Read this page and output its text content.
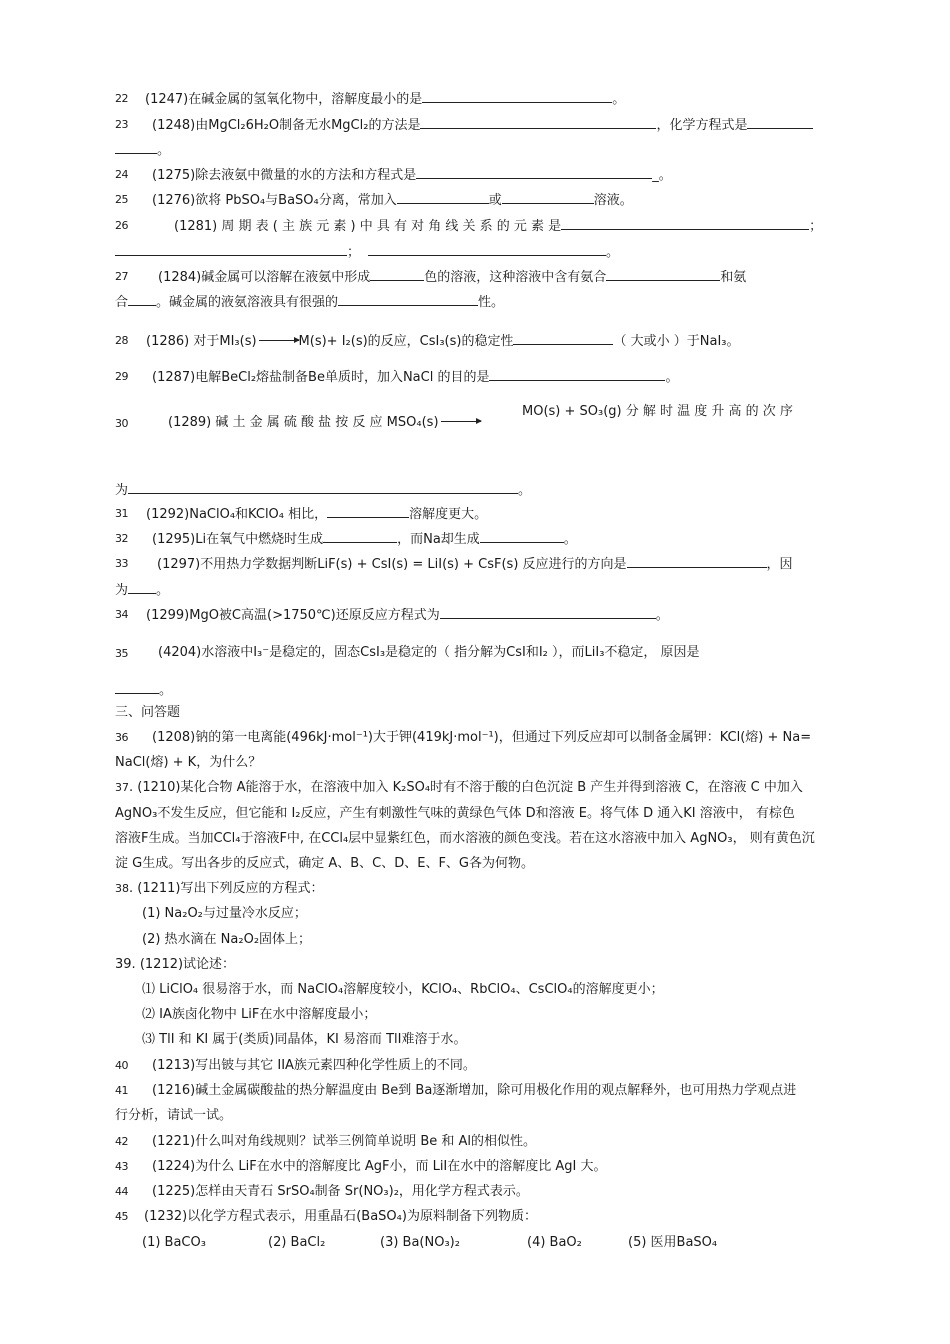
22 (1247)在碱金属的氢氧化物中，溶解度最小的是	。
23 (1248)由MgCl₂6H₂O制备无水MgCl₂的方法是	，化学方程式是
。
24 (1275)除去液氨中微量的水的方法和方程式是	_。
25 (1276)欲将 PbSO₄与BaSO₄分离，常加入	或	溶液。
26	(1281) 周 期 表 ( 主 族 元 素 ) 中 具 有 对 角 线 关 系 的 元 素 是	；
；	。
27 (1284)碱金属可以溶解在液氨中形成	色的溶液，这种溶液中含有氨合	和氨
合 。碱金属的液氨溶液具有很强的	性。
28 (1286) 对于MI₃(s) →M(s)+ I₂(s)的反应，CsI₃(s)的稳定性	（ 大或小 ）于NaI₃。
29 (1287)电解BeCl₂熔盐制备Be单质时，加入NaCl 的目的是	。
MO(s) + SO₃(g) 分 解 时 温 度 升 高 的 次 序
30	(1289) 碱 土 金 属 硫 酸 盐 按 反 应 MSO₄(s) →
为	。
31 (1292)NaClO₄和KClO₄ 相比，	溶解度更大。
32 (1295)Li在氧气中燃烧时生成	，而Na却生成	。
33 (1297)不用热力学数据判断LiF(s) + CsI(s) = LiI(s) + CsF(s) 反应进行的方向是	，因
为 。
34 (1299)MgO被C高温(>1750℃)还原反应方程式为	。
35 (4204)水溶液中I₃⁻是稳定的，固态CsI₃是稳定的（ 指分解为CsI和I₂ ），而LiI₃不稳定， 原因是
。
三、问答题
36 (1208)钠的第一电离能(496kJ·mol⁻¹)大于钾(419kJ·mol⁻¹)，但通过下列反应却可以制备金属钾：KCl(熔) + Na=
NaCl(熔) + K，为什么？
37. (1210)某化合物 A能溶于水，在溶液中加入 K₂SO₄时有不溶于酸的白色沉淀 B 产生并得到溶液 C，在溶液 C 中加入
AgNO₃不发生反应，但它能和 I₂反应，产生有刺激性气味的黄绿色气体 D和溶液 E。将气体 D 通入KI 溶液中， 有棕色
溶液F生成。当加CCl₄于溶液F中, 在CCl₄层中显紫红色，而水溶液的颜色变浅。若在这水溶液中加入 AgNO₃， 则有黄色沉
淀 G生成。写出各步的反应式，确定 A、B、C、D、E、F、G各为何物。
38. (1211)写出下列反应的方程式：
(1) Na₂O₂与过量冷水反应；
(2) 热水滴在 Na₂O₂固体上；
39. (1212)试论述：
⑴ LiClO₄ 很易溶于水，而 NaClO₄溶解度较小，KClO₄、RbClO₄、CsClO₄的溶解度更小；
⑵ IA族卤化物中 LiF在水中溶解度最小；
⑶ TlI 和 KI 属于(类质)同晶体，KI 易溶而 TlI难溶于水。
40 (1213)写出铍与其它 IIA族元素四种化学性质上的不同。
41 (1216)碱土金属碳酸盐的热分解温度由 Be到 Ba逐渐增加，除可用极化作用的观点解释外，也可用热力学观点进
行分析，请试一试。
42 (1221)什么叫对角线规则？试举三例简单说明 Be 和 Al的相似性。
43 (1224)为什么 LiF在水中的溶解度比 AgF小，而 LiI在水中的溶解度比 AgI 大。
44 (1225)怎样由天青石 SrSO₄制备 Sr(NO₃)₂，用化学方程式表示。
45 (1232)以化学方程式表示，用重晶石(BaSO₄)为原料制备下列物质：
(1) BaCO₃	(2) BaCl₂	(3) Ba(NO₃)₂	(4) BaO₂	(5) 医用BaSO₄
